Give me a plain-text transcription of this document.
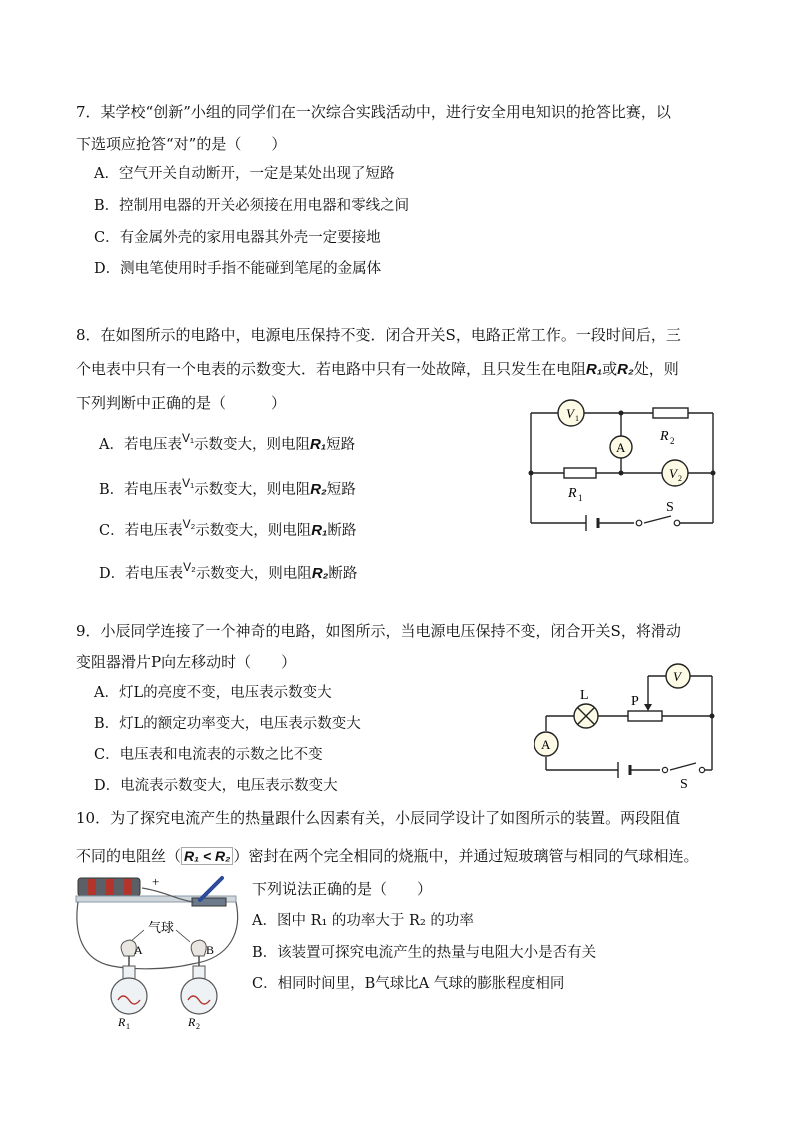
7．某学校“创新”小组的同学们在一次综合实践活动中，进行安全用电知识的抢答比赛，以
下选项应抢答“对”的是（　　）
A．空气开关自动断开，一定是某处出现了短路
B．控制用电器的开关必须接在用电器和零线之间
C．有金属外壳的家用电器其外壳一定要接地
D．测电笔使用时手指不能碰到笔尾的金属体
8．在如图所示的电路中，电源电压保持不变．闭合开关S，电路正常工作。一段时间后，三
个电表中只有一个电表的示数变大．若电路中只有一处故障，且只发生在电阻R₁或R₂处，则
下列判断中正确的是（　　　）
A．若电压表$^{V_1}$示数变大，则电阻R₁短路
B．若电压表$^{V_1}$示数变大，则电阻R₂短路
C．若电压表$^{V_2}$示数变大，则电阻R₁断路
D．若电压表$^{V_2}$示数变大，则电阻R₂断路
V 1
A
V 2
R 2
R 1
S
9．小辰同学连接了一个神奇的电路，如图所示，当电源电压保持不变，闭合开关S，将滑动
变阻器滑片P向左移动时（　　）
A．灯L的亮度不变，电压表示数变大
B．灯L的额定功率变大，电压表示数变大
C．电压表和电流表的示数之比不变
D．电流表示数变大，电压表示数变大
V
A
L	P
S
10．为了探究电流产生的热量跟什么因素有关，小辰同学设计了如图所示的装置。两段阻值
不同的电阻丝（ R₁ < R₂ ）密封在两个完全相同的烧瓶中，并通过短玻璃管与相同的气球相连。
下列说法正确的是（　　）
A．图中 R₁ 的功率大于 R₂ 的功率
B．该装置可探究电流产生的热量与电阻大小是否有关
C．相同时间里，B气球比A 气球的膨胀程度相同
+
气球
A	B
R 1	R 2
